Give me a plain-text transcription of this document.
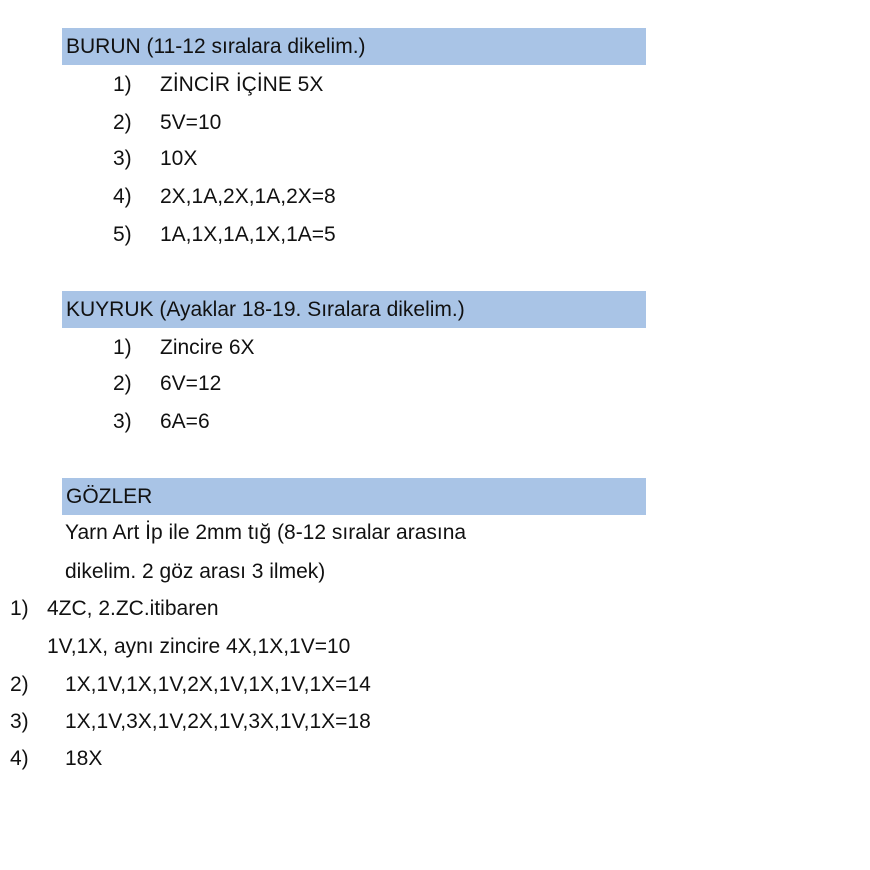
BURUN (11-12 sıralara dikelim.)
1) ZİNCİR İÇİNE 5X
2) 5V=10
3) 10X
4) 2X,1A,2X,1A,2X=8
5) 1A,1X,1A,1X,1A=5
KUYRUK (Ayaklar 18-19. Sıralara dikelim.)
1) Zincire 6X
2) 6V=12
3) 6A=6
GÖZLER
Yarn Art İp ile 2mm tığ (8-12 sıralar arasına
dikelim. 2 göz arası 3 ilmek)
1) 4ZC, 2.ZC.itibaren
1V,1X, aynı zincire 4X,1X,1V=10
2) 1X,1V,1X,1V,2X,1V,1X,1V,1X=14
3) 1X,1V,3X,1V,2X,1V,3X,1V,1X=18
4) 18X
